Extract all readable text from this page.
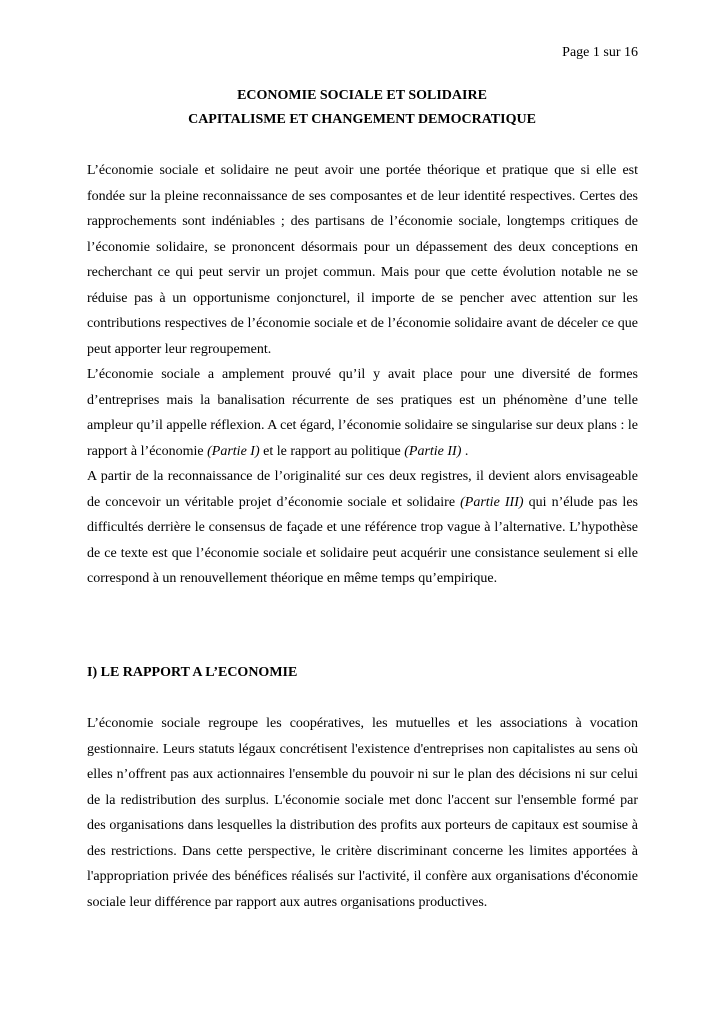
Page 1 sur 16
ECONOMIE SOCIALE ET SOLIDAIRE
CAPITALISME ET CHANGEMENT DEMOCRATIQUE

L’économie sociale et solidaire ne peut avoir une portée théorique et pratique que si elle est fondée sur la pleine reconnaissance de ses composantes et de leur identité respectives. Certes des rapprochements sont indéniables ; des partisans de l’économie sociale, longtemps critiques de l’économie solidaire, se prononcent désormais pour un dépassement des deux conceptions en recherchant ce qui peut servir un projet commun. Mais pour que cette évolution notable ne se réduise pas à un opportunisme conjoncturel, il importe de se pencher avec attention sur les contributions respectives de l’économie sociale et de l’économie solidaire avant de déceler ce que peut apporter leur regroupement.

L’économie sociale a amplement prouvé qu’il y avait place pour une diversité de formes d’entreprises mais la banalisation récurrente de ses pratiques est un phénomène d’une telle ampleur qu’il appelle réflexion. A cet égard, l’économie solidaire se singularise sur deux plans : le rapport à l’économie (Partie I) et le rapport au politique (Partie II) .

A partir de la reconnaissance de l’originalité sur ces deux registres, il devient alors envisageable de concevoir un véritable projet d’économie sociale et solidaire (Partie III) qui n’élude pas les difficultés derrière le consensus de façade et une référence trop vague à l’alternative. L’hypothèse de ce texte est que l’économie sociale et solidaire peut acquérir une consistance seulement si elle correspond à un renouvellement théorique en même temps qu’empirique.

I) LE RAPPORT A L’ECONOMIE

L’économie sociale regroupe les coopératives, les mutuelles et les associations à vocation gestionnaire. Leurs statuts légaux concrétisent l'existence d'entreprises non capitalistes au sens où elles n’offrent pas aux actionnaires l'ensemble du pouvoir ni sur le plan des décisions ni sur celui de la redistribution des surplus. L'économie sociale met donc l'accent sur l'ensemble formé par des organisations dans lesquelles la distribution des profits aux porteurs de capitaux est soumise à des restrictions. Dans cette perspective, le critère discriminant concerne les limites apportées à l'appropriation privée des bénéfices réalisés sur l'activité, il confère aux organisations d'économie sociale leur différence par rapport aux autres organisations productives.
